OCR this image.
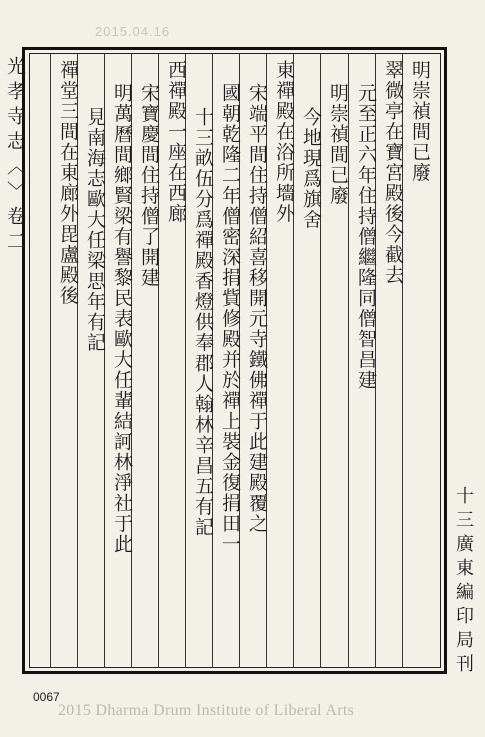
2015.04.16
明崇禎間已廢
翠微亭在寶宮殿後今截去
元至正六年住持僧繼隆同僧智昌建
明崇禎間已廢
今地現爲旗舍
東禪殿在浴所墻外
宋端平間住持僧紹喜移開元寺鐵佛禪于此建殿覆之
國朝乾隆二年僧密深捐貲修殿并於禪上裝金復捐田一
十三畝伍分爲禪殿香燈供奉郡人翰林辛昌五有記
西禪殿一座在西廊
宋寶慶間住持僧了開建
明萬曆間鄉賢梁有譽黎民表歐大任輩結訶林淨社于此
見南海志歐大任梁思年有記
禪堂三間在東廊外毘盧殿後
十三廣東編印局刊
光孝寺志〈〉卷二
0067
2015 Dharma Drum Institute of Liberal Arts
